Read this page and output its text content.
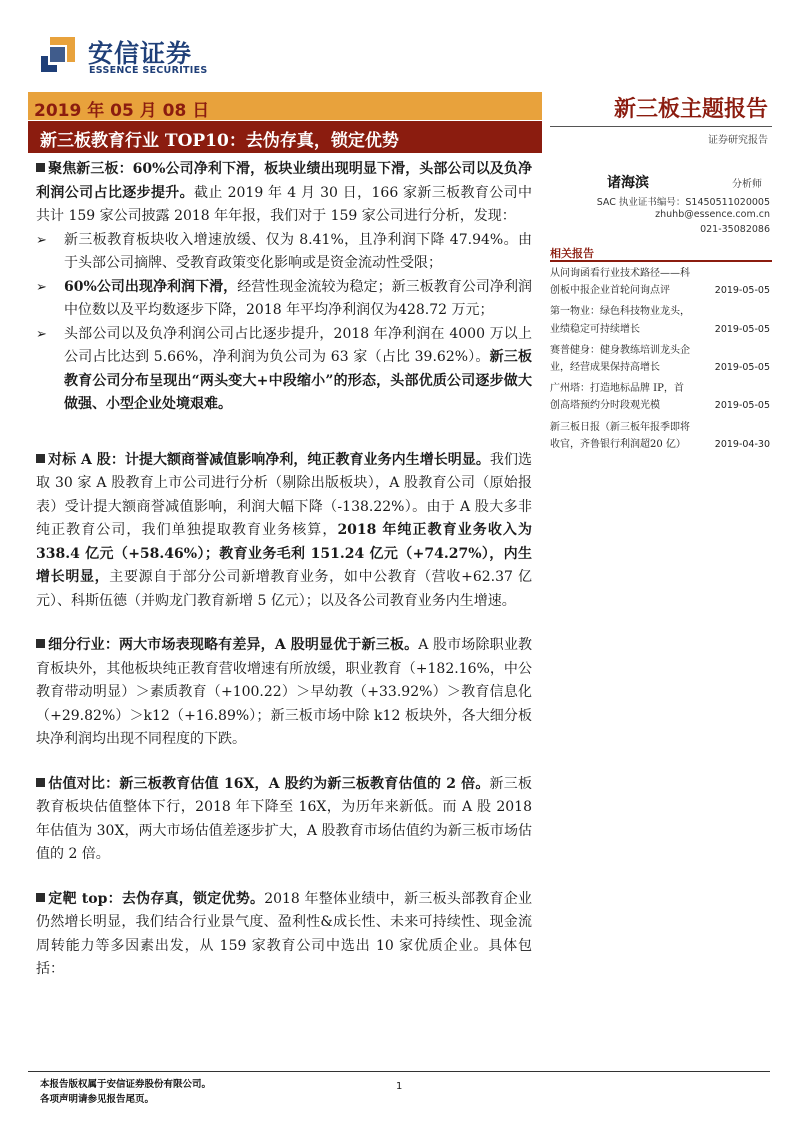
安信证券
ESSENCE SECURITIES
2019 年 05 月 08 日
新三板教育行业 TOP10：去伪存真，锁定优势
新三板主题报告
证券研究报告

聚焦新三板：60%公司净利下滑，板块业绩出现明显下滑，头部公司以及负净利润公司占比逐步提升。截止 2019 年 4 月 30 日，166 家新三板教育公司中共计 159 家公司披露 2018 年年报，我们对于 159 家公司进行分析，发现：

➢ 新三板教育板块收入增速放缓、仅为 8.41%，且净利润下降 47.94%。由于头部公司摘牌、受教育政策变化影响或是资金流动性受限；

➢ 60%公司出现净利润下滑，经营性现金流较为稳定；新三板教育公司净利润中位数以及平均数逐步下降，2018 年平均净利润仅为428.72 万元；

➢ 头部公司以及负净利润公司占比逐步提升，2018 年净利润在 4000 万以上公司占比达到 5.66%，净利润为负公司为 63 家（占比 39.62%）。新三板教育公司分布呈现出“两头变大+中段缩小”的形态，头部优质公司逐步做大做强、小型企业处境艰难。

对标 A 股：计提大额商誉减值影响净利，纯正教育业务内生增长明显。我们选取 30 家 A 股教育上市公司进行分析（剔除出版板块），A 股教育公司（原始报表）受计提大额商誉减值影响，利润大幅下降（-138.22%）。由于 A 股大多非纯正教育公司，我们单独提取教育业务核算，2018 年纯正教育业务收入为 338.4 亿元（+58.46%）；教育业务毛利 151.24 亿元（+74.27%），内生增长明显，主要源自于部分公司新增教育业务，如中公教育（营收+62.37 亿元）、科斯伍德（并购龙门教育新增 5 亿元）；以及各公司教育业务内生增速。

细分行业：两大市场表现略有差异，A 股明显优于新三板。A 股市场除职业教育板块外，其他板块纯正教育营收增速有所放缓，职业教育（+182.16%，中公教育带动明显）＞素质教育（+100.22）＞早幼教（+33.92%）＞教育信息化（+29.82%）＞k12（+16.89%）；新三板市场中除 k12 板块外，各大细分板块净利润均出现不同程度的下跌。

估值对比：新三板教育估值 16X，A 股约为新三板教育估值的 2 倍。新三板教育板块估值整体下行，2018 年下降至 16X，为历年来新低。而 A 股 2018 年估值为 30X，两大市场估值差逐步扩大，A 股教育市场估值约为新三板市场估值的 2 倍。

定靶 top：去伪存真，锁定优势。2018 年整体业绩中，新三板头部教育企业仍然增长明显，我们结合行业景气度、盈利性&成长性、未来可持续性、现金流周转能力等多因素出发，从 159 家教育公司中选出 10 家优质企业。具体包括：

诸海滨	分析师
SAC 执业证书编号：S1450511020005
zhuhb@essence.com.cn
021-35082086
相关报告
从问询函看行业技术路径——科创板中报企业首轮问询点评	2019-05-05
第一物业：绿色科技物业龙头，业绩稳定可持续增长	2019-05-05
赛普健身：健身教练培训龙头企业，经营成果保持高增长	2019-05-05
广州塔：打造地标品牌 IP，首创高塔预约分时段观光模	2019-05-05
新三板日报（新三板年报季即将收官，齐鲁银行利润超20 亿）	2019-04-30
本报告版权属于安信证券股份有限公司。
各项声明请参见报告尾页。
1
